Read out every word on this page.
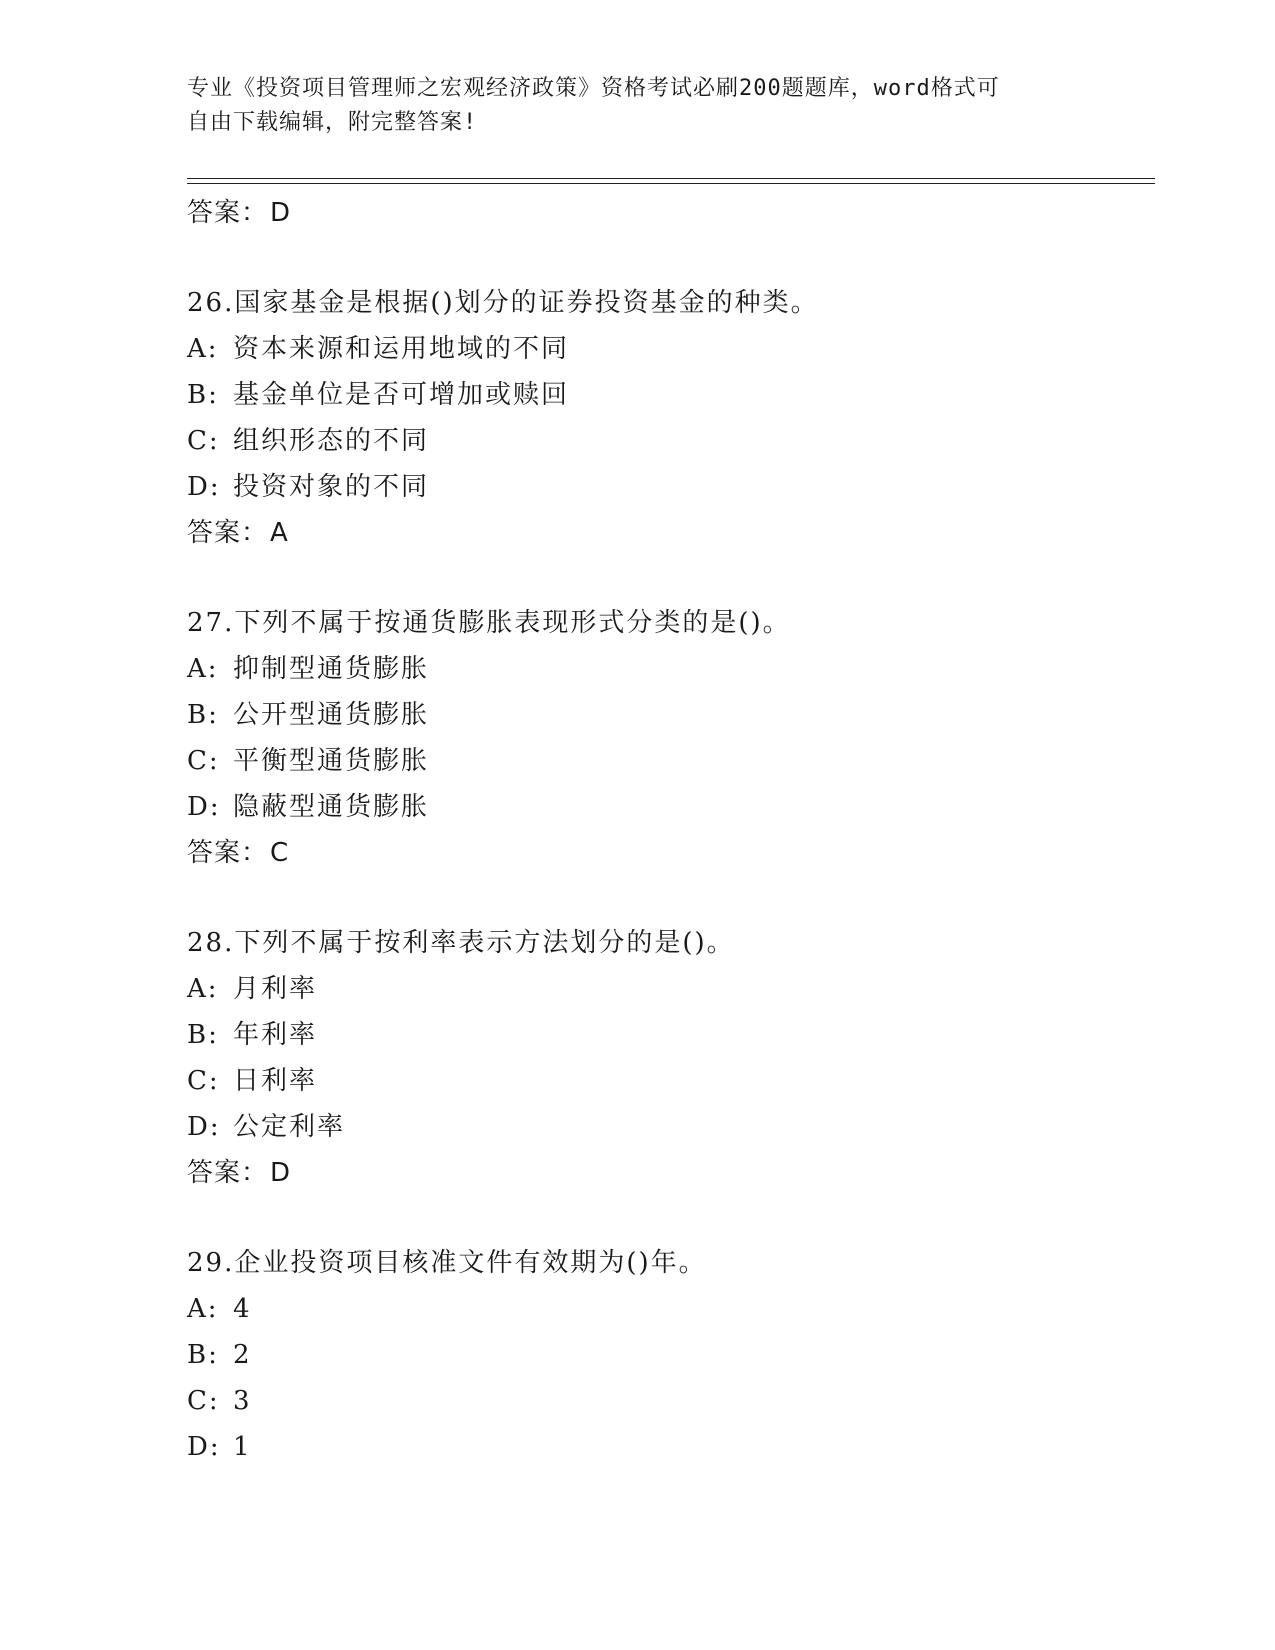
专业《投资项目管理师之宏观经济政策》资格考试必刷200题题库，word格式可
自由下载编辑，附完整答案!
答案：D
26.国家基金是根据()划分的证券投资基金的种类。
A: 资本来源和运用地域的不同
B: 基金单位是否可增加或赎回
C: 组织形态的不同
D: 投资对象的不同
答案：A
27.下列不属于按通货膨胀表现形式分类的是()。
A: 抑制型通货膨胀
B: 公开型通货膨胀
C: 平衡型通货膨胀
D: 隐蔽型通货膨胀
答案：C
28.下列不属于按利率表示方法划分的是()。
A: 月利率
B: 年利率
C: 日利率
D: 公定利率
答案：D
29.企业投资项目核准文件有效期为()年。
A: 4
B: 2
C: 3
D: 1
